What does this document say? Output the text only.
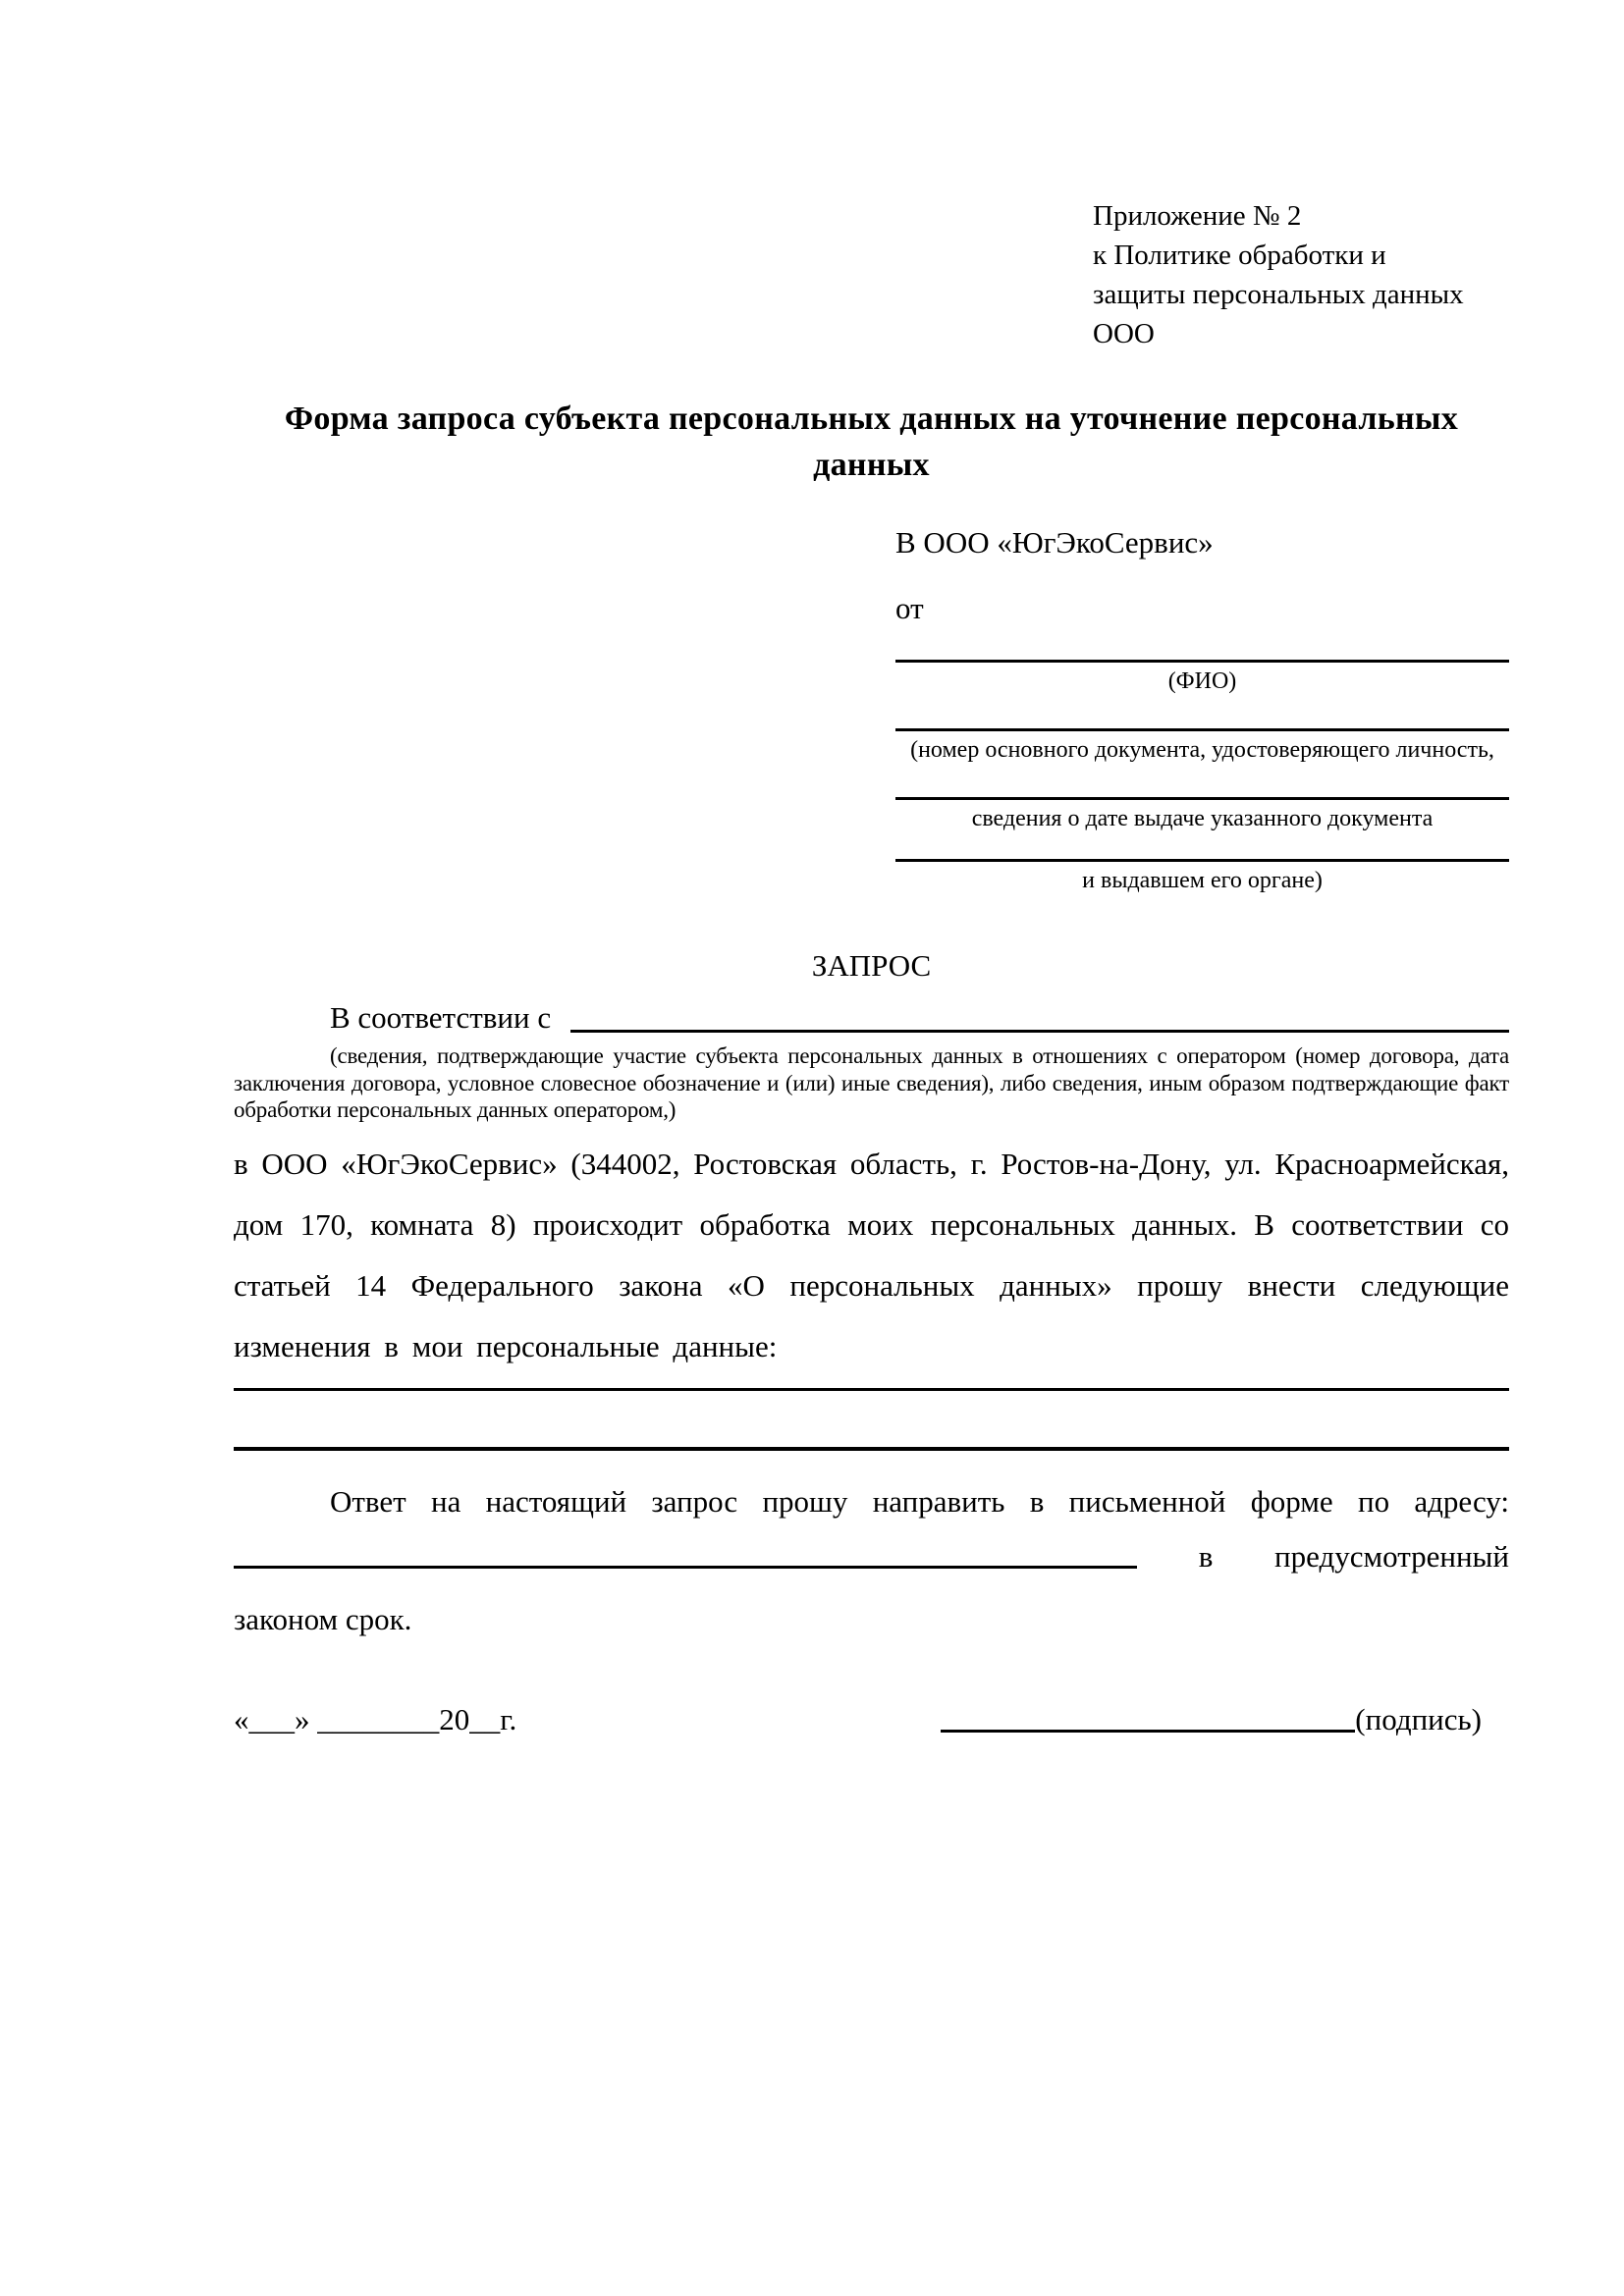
Приложение № 2
к Политике обработки и
защиты персональных данных
ООО
Форма запроса субъекта персональных данных на уточнение персональных данных
В ООО «ЮгЭкоСервис»
от
(ФИО)
(номер основного документа, удостоверяющего личность,
сведения о дате выдаче указанного документа
и выдавшем его органе)
ЗАПРОС
В соответствии с
(сведения, подтверждающие участие субъекта персональных данных в отношениях с оператором (номер договора, дата заключения договора, условное словесное обозначение и (или) иные сведения), либо сведения, иным образом подтверждающие факт обработки персональных данных оператором,)
в ООО «ЮгЭкоСервис» (344002, Ростовская область, г. Ростов-на-Дону, ул. Красноармейская, дом 170, комната 8) происходит обработка моих персональных данных. В соответствии со статьей 14 Федерального закона «О персональных данных» прошу внести следующие изменения в мои персональные данные:
Ответ на настоящий запрос прошу направить в письменной форме по адресу:
в предусмотренный
законом срок.
«___» ________20__г.	(подпись)
